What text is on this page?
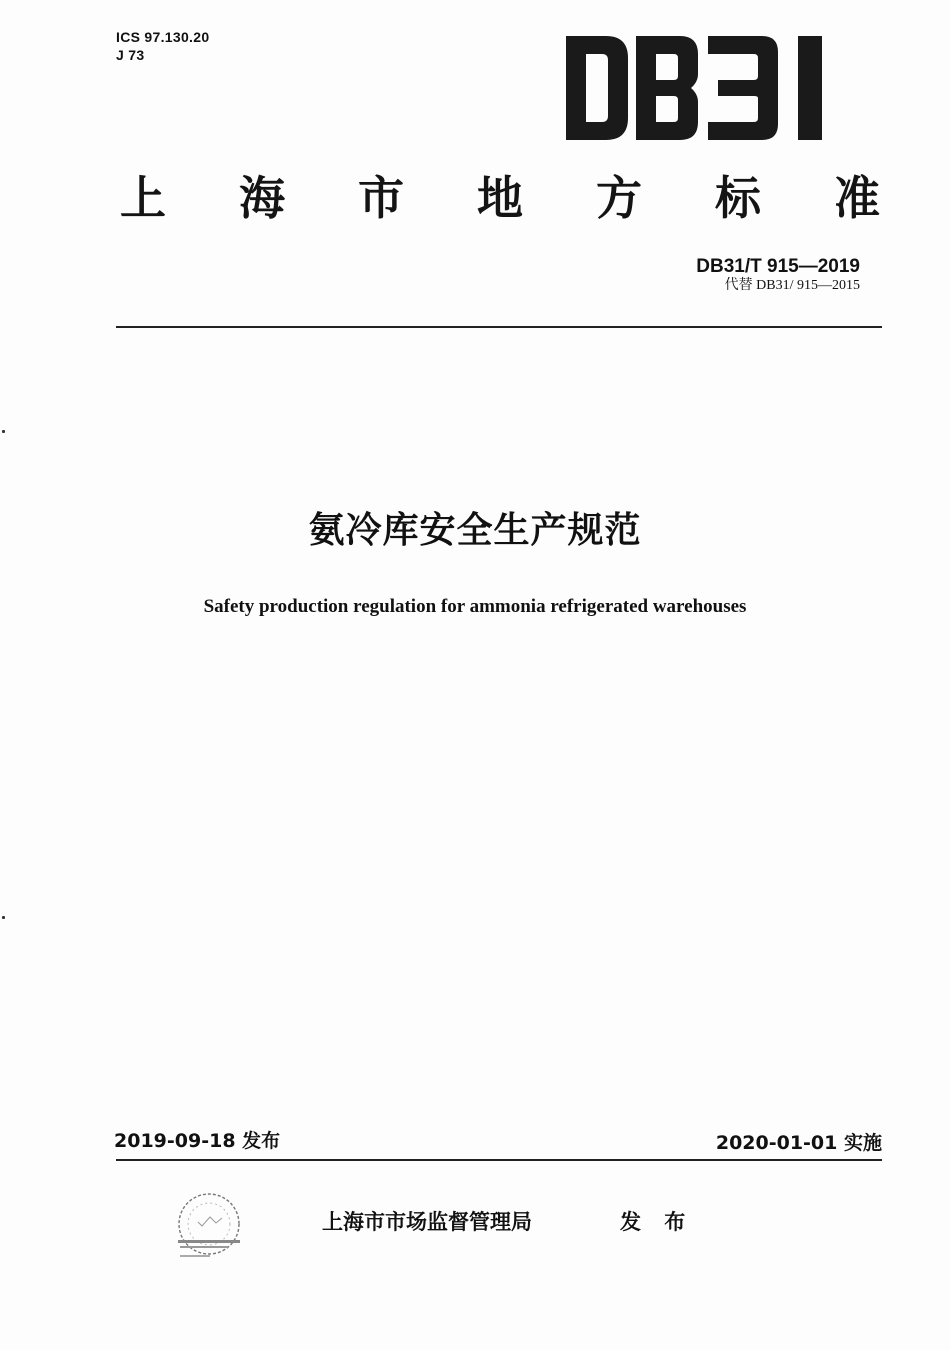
ICS 97.130.20
J 73
上 海 市 地 方 标 准
DB31/T 915—2019
代替 DB31/ 915—2015
氨冷库安全生产规范
Safety production regulation for ammonia refrigerated warehouses
2019-09-18 发布	2020-01-01 实施
上海市市场监督管理局	发 布
